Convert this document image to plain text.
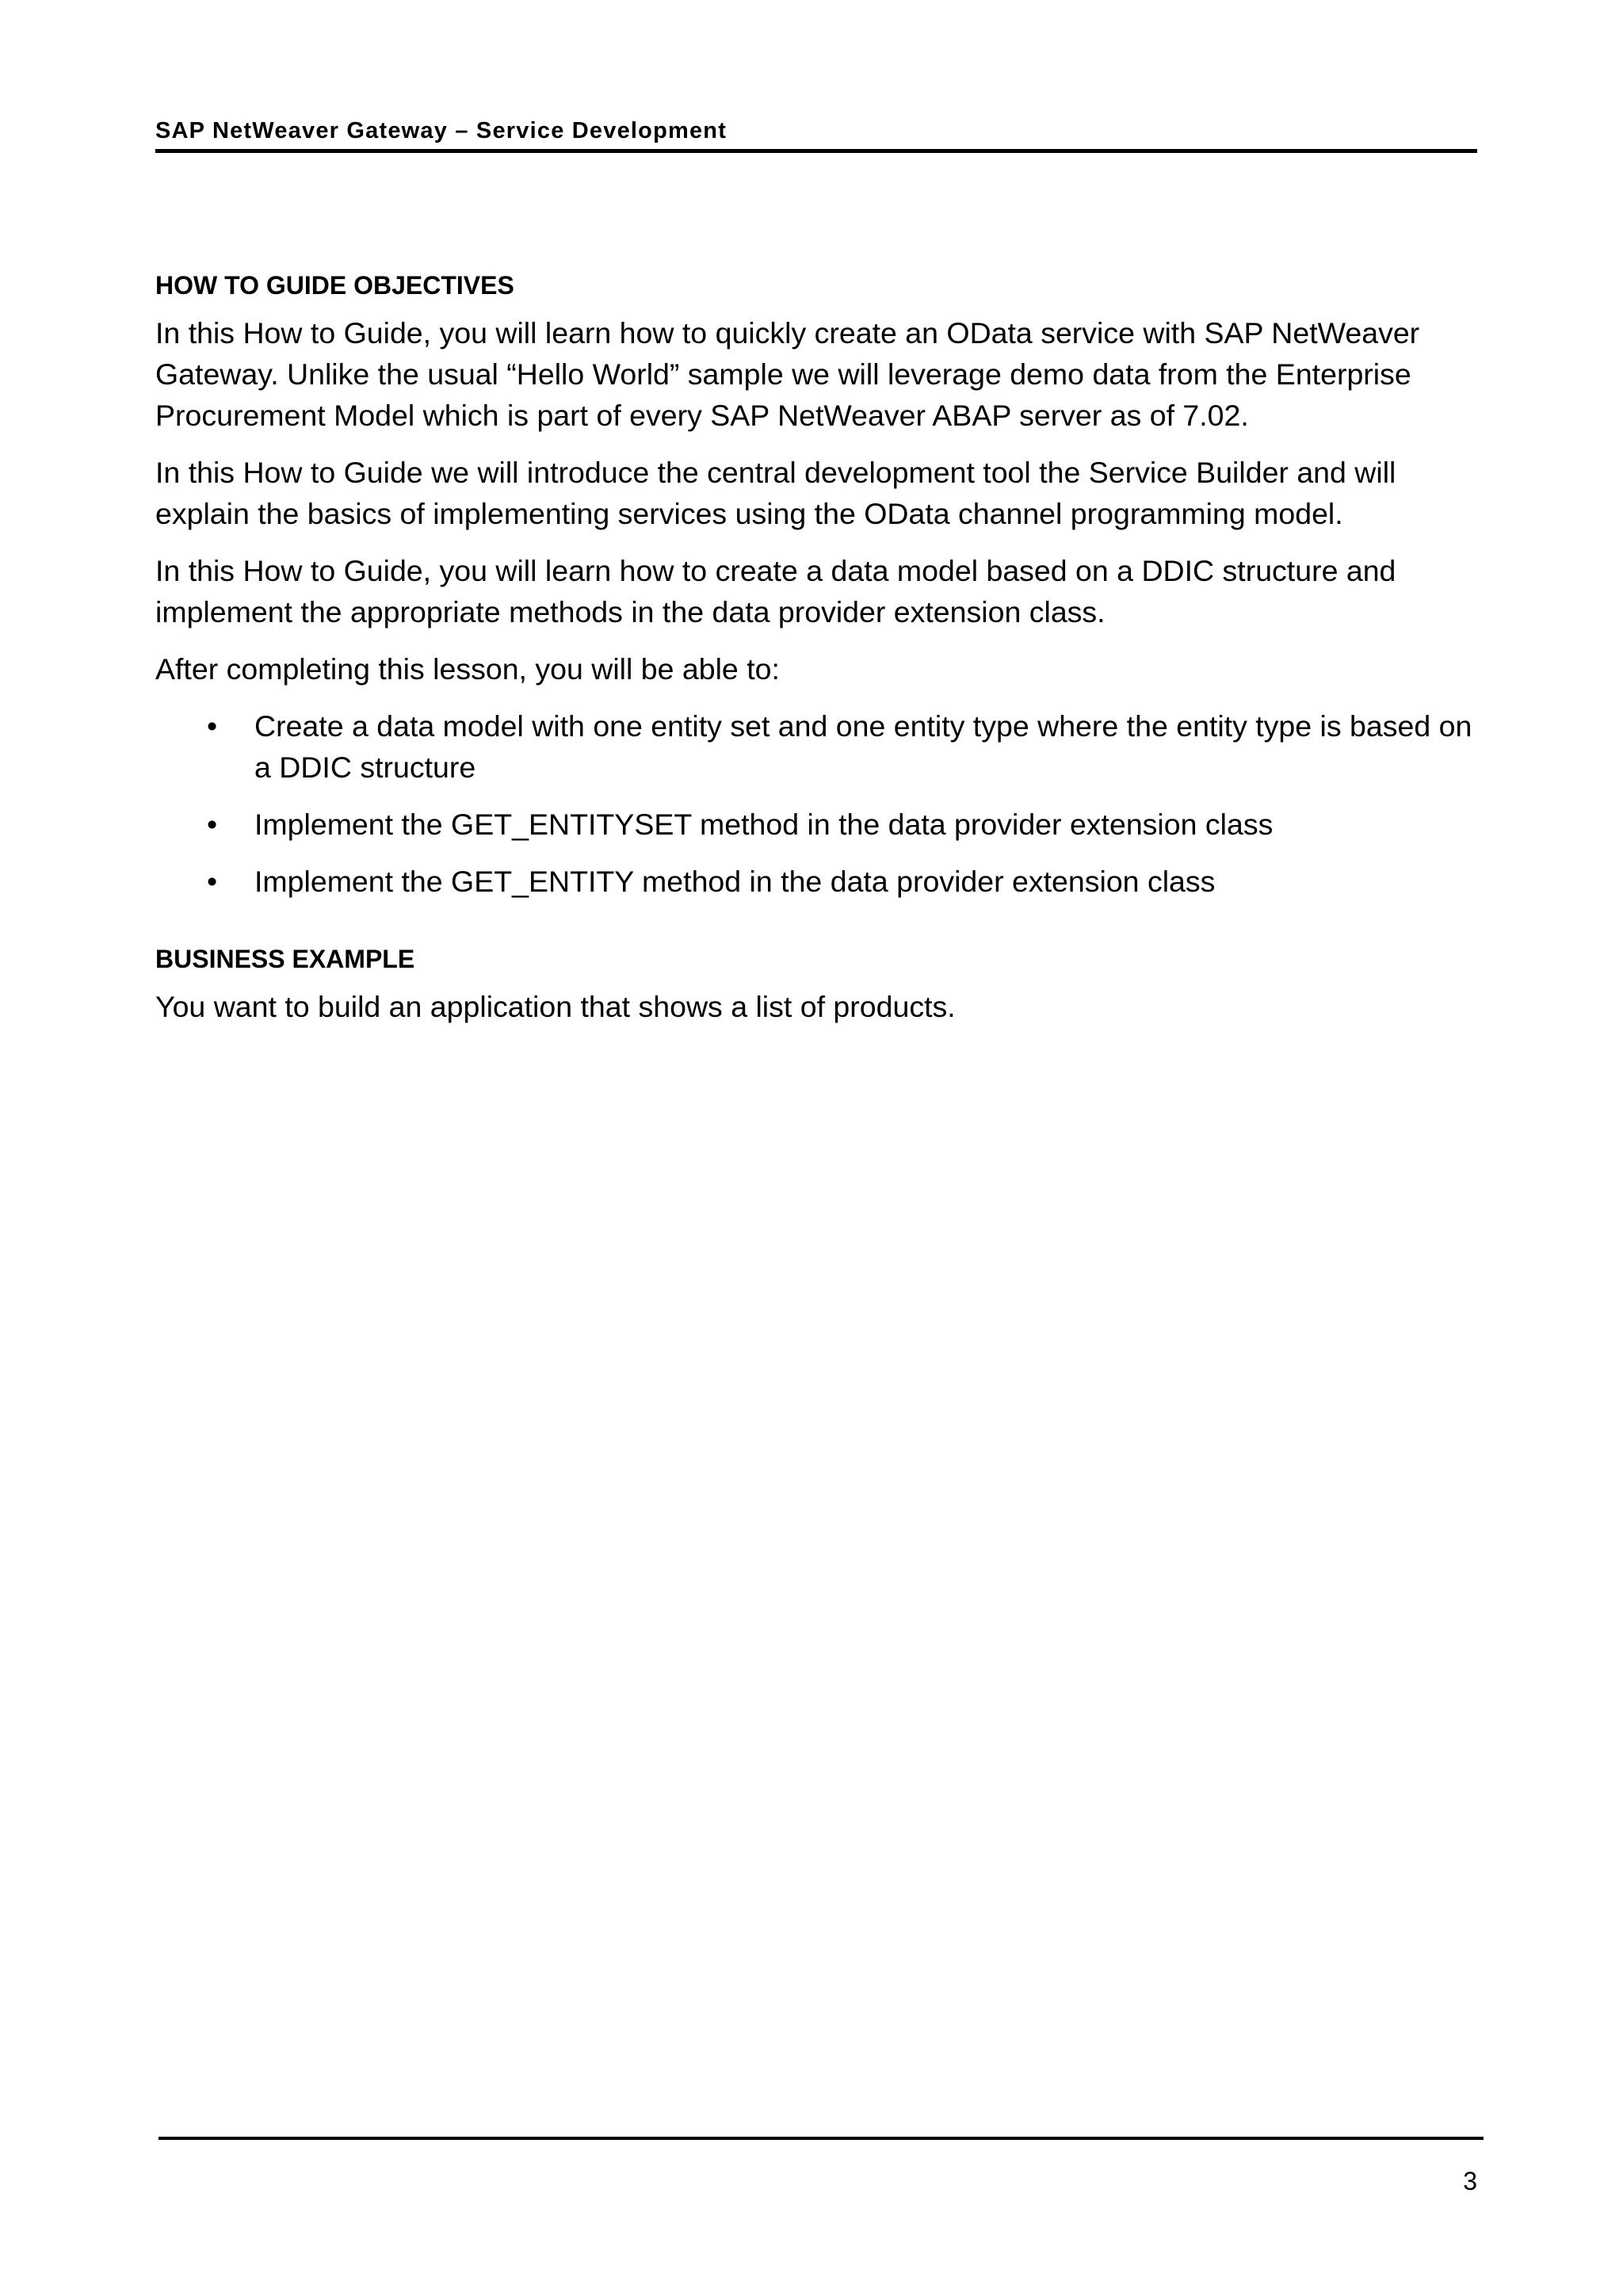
SAP NetWeaver Gateway – Service Development
HOW TO GUIDE OBJECTIVES

In this How to Guide, you will learn how to quickly create an OData service with SAP NetWeaver Gateway. Unlike the usual “Hello World” sample we will leverage demo data from the Enterprise Procurement Model which is part of every SAP NetWeaver ABAP server as of 7.02.

In this How to Guide we will introduce the central development tool the Service Builder and will explain the basics of implementing services using the OData channel programming model.

In this How to Guide, you will learn how to create a data model based on a DDIC structure and implement the appropriate methods in the data provider extension class.

After completing this lesson, you will be able to:

• Create a data model with one entity set and one entity type where the entity type is based on a DDIC structure
• Implement the GET_ENTITYSET method in the data provider extension class
• Implement the GET_ENTITY method in the data provider extension class
BUSINESS EXAMPLE

You want to build an application that shows a list of products.

3
